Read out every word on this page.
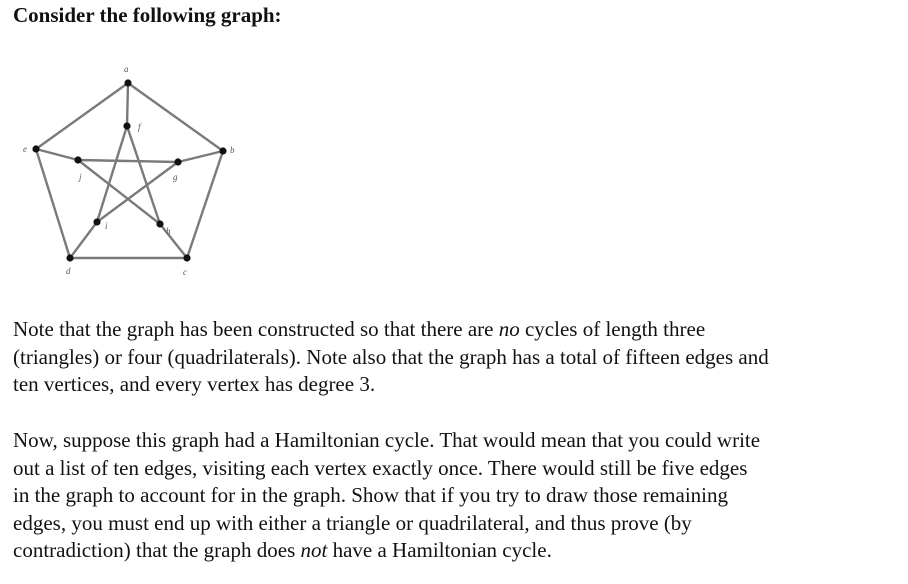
Consider the following graph:
a
b
c
d
e
f
g
h
i
j

Note that the graph has been constructed so that there are no cycles of length three
(triangles) or four (quadrilaterals). Note also that the graph has a total of fifteen edges and
ten vertices, and every vertex has degree 3.

Now, suppose this graph had a Hamiltonian cycle. That would mean that you could write
out a list of ten edges, visiting each vertex exactly once. There would still be five edges
in the graph to account for in the graph. Show that if you try to draw those remaining
edges, you must end up with either a triangle or quadrilateral, and thus prove (by
contradiction) that the graph does not have a Hamiltonian cycle.
